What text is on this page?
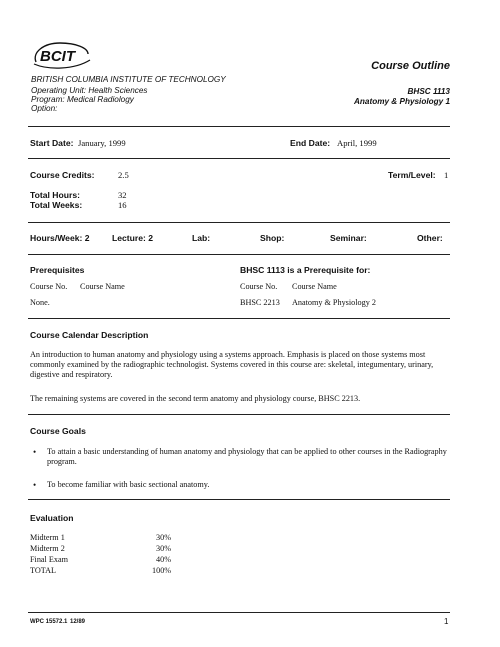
BCIT
BRITISH COLUMBIA INSTITUTE OF TECHNOLOGY
Operating Unit: Health Sciences
Program: Medical Radiology
Option:
Course Outline
BHSC 1113
Anatomy & Physiology 1
Start Date: January, 1999	End Date: April, 1999
Course Credits:	2.5	Term/Level: 1
Total Hours:	32
Total Weeks:	16
Hours/Week: 2	Lecture: 2	Lab:	Shop:	Seminar:	Other:
Prerequisites
Course No. Course Name
None.
BHSC 1113 is a Prerequisite for:
Course No. Course Name
BHSC 2213 Anatomy & Physiology 2
Course Calendar Description
An introduction to human anatomy and physiology using a systems approach. Emphasis is placed on those systems most commonly examined by the radiographic technologist. Systems covered in this course are: skeletal, integumentary, urinary, digestive and respiratory.
The remaining systems are covered in the second term anatomy and physiology course, BHSC 2213.
Course Goals
• To attain a basic understanding of human anatomy and physiology that can be applied to other courses in the Radiography program.
• To become familiar with basic sectional anatomy.
Evaluation
Midterm 1	30%
Midterm 2	30%
Final Exam	40%
TOTAL	100%
WPC 15572.1 12/89	1
